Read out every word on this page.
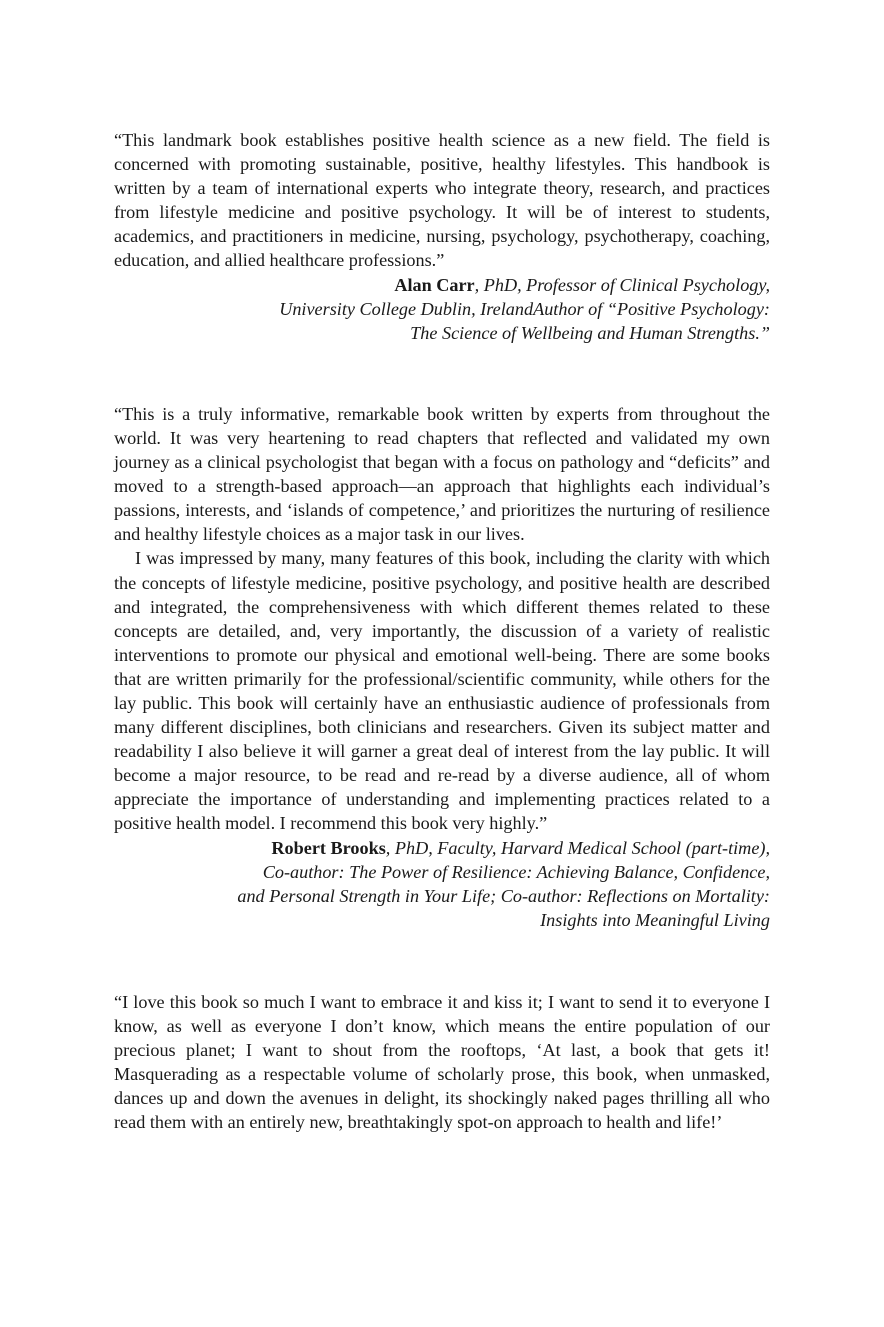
“This landmark book establishes positive health science as a new field. The field is concerned with promoting sustainable, positive, healthy lifestyles. This handbook is written by a team of international experts who integrate theory, research, and practices from lifestyle medicine and positive psychology. It will be of interest to students, academics, and practitioners in medicine, nursing, psychology, psychotherapy, coaching, education, and allied healthcare professions.”

Alan Carr, PhD, Professor of Clinical Psychology,
University College Dublin, IrelandAuthor of “Positive Psychology:
The Science of Wellbeing and Human Strengths.”

“This is a truly informative, remarkable book written by experts from throughout the world. It was very heartening to read chapters that reflected and validated my own journey as a clinical psychologist that began with a focus on pathology and “deficits” and moved to a strength-based approach—an approach that highlights each individual’s passions, interests, and ‘islands of competence,’ and prioritizes the nurturing of resilience and healthy lifestyle choices as a major task in our lives.

I was impressed by many, many features of this book, including the clarity with which the concepts of lifestyle medicine, positive psychology, and positive health are described and integrated, the comprehensiveness with which different themes related to these concepts are detailed, and, very importantly, the discussion of a variety of realistic interventions to promote our physical and emotional well-being. There are some books that are written primarily for the professional/scientific community, while others for the lay public. This book will certainly have an enthusiastic audience of professionals from many different disciplines, both clinicians and researchers. Given its subject matter and readability I also believe it will garner a great deal of interest from the lay public. It will become a major resource, to be read and re-read by a diverse audience, all of whom appreciate the importance of understanding and implementing practices related to a positive health model. I recommend this book very highly.”

Robert Brooks, PhD, Faculty, Harvard Medical School (part-time),
Co-author: The Power of Resilience: Achieving Balance, Confidence,
and Personal Strength in Your Life; Co-author: Reflections on Mortality:
Insights into Meaningful Living

“I love this book so much I want to embrace it and kiss it; I want to send it to everyone I know, as well as everyone I don’t know, which means the entire population of our precious planet; I want to shout from the rooftops, ‘At last, a book that gets it! Masquerading as a respectable volume of scholarly prose, this book, when unmasked, dances up and down the avenues in delight, its shockingly naked pages thrilling all who read them with an entirely new, breathtakingly spot-on approach to health and life!’
